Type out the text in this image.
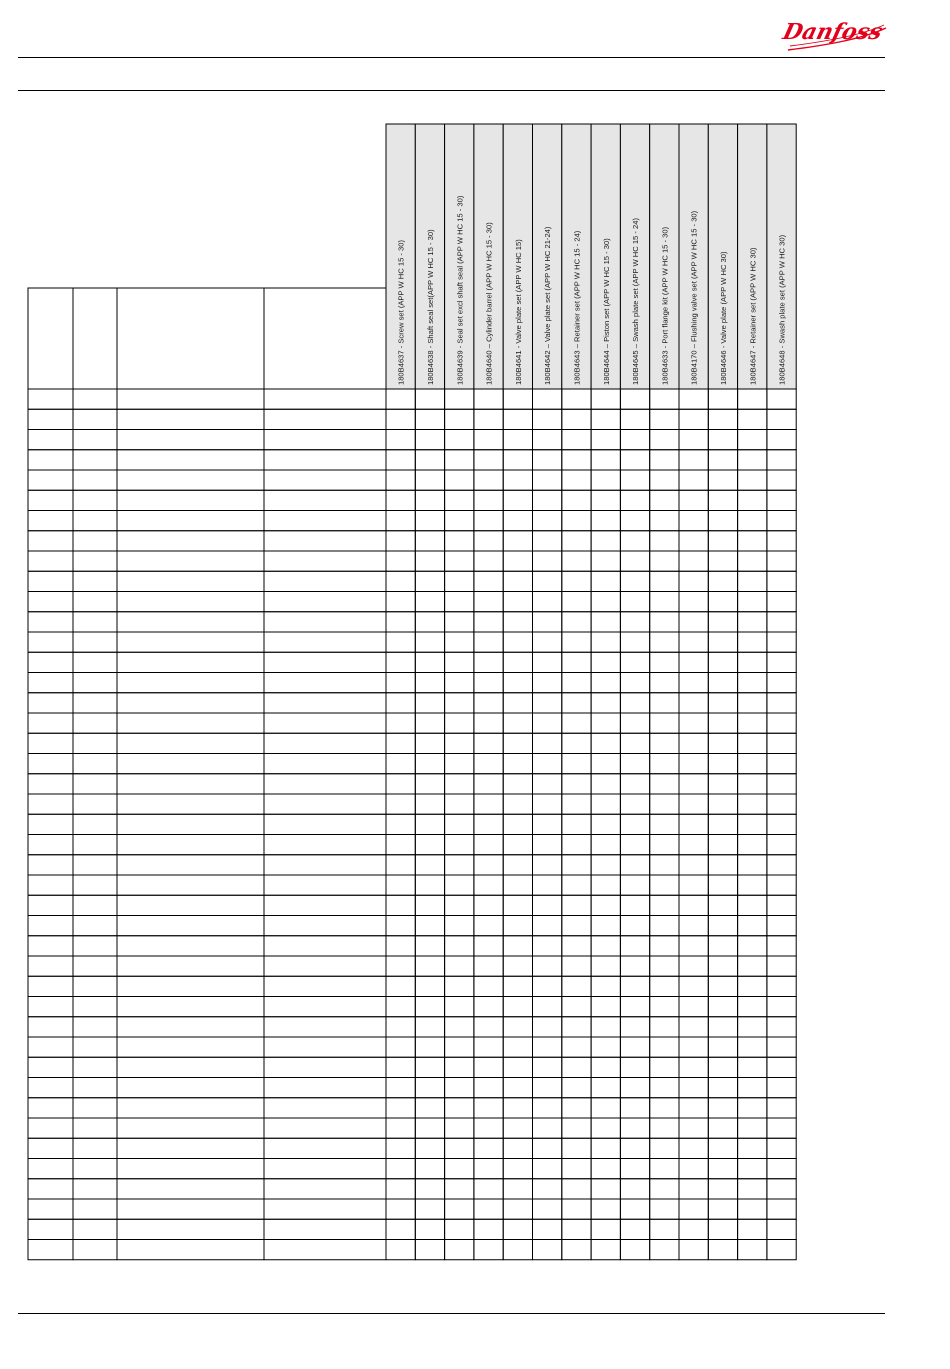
Danfoss
180B4637 - Screw set (APP W HC 15 - 30)	180B4638 - Shaft seal set(APP W HC 15 - 30)	180B4639 - Seal set excl shaft seal (APP W HC 15 - 30)	180B4640 – Cylinder barrel (APP W HC 15 - 30)	180B4641 - Valve plate set (APP W HC 15)	180B4642 – Valve plate set (APP W HC 21-24)	180B4643 – Retainer set (APP W HC 15 - 24)	180B4644 – Piston set (APP W HC 15 - 30)	180B4645 – Swash plate set (APP W HC 15 - 24)	180B4633 - Port flange kit (APP W HC 15 - 30)	180B4170 – Flushing valve set (APP W HC 15 - 30)	180B4646 - Valve plate (APP W HC 30)	180B4647 - Retainer set (APP W HC 30)	180B4648 - Swash plate set (APP W HC 30)
